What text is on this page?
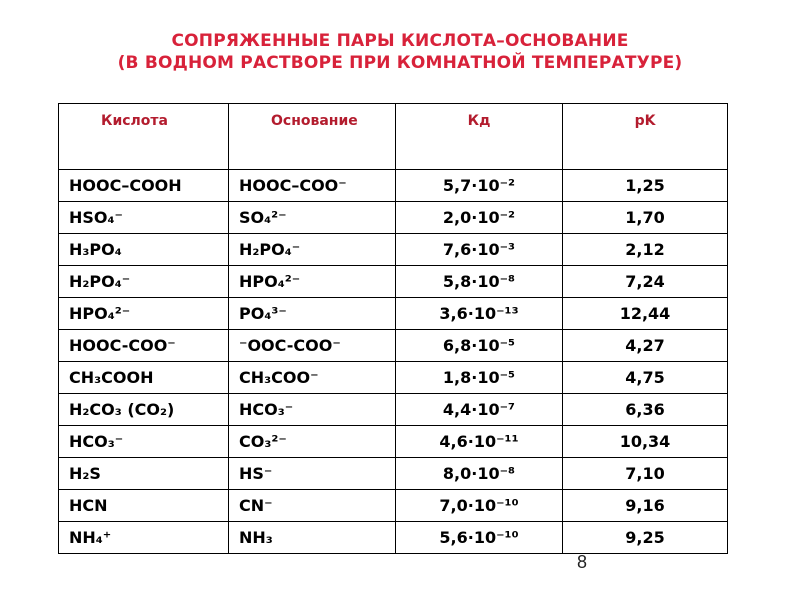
СОПРЯЖЕННЫЕ ПАРЫ КИСЛОТА–ОСНОВАНИЕ
(В ВОДНОМ РАСТВОРЕ ПРИ КОМНАТНОЙ ТЕМПЕРАТУРЕ)
Кислота	Основание	Кд	pK
HOOC–COOH	HOOC–COO⁻	5,7·10⁻²	1,25
HSO₄⁻	SO₄²⁻	2,0·10⁻²	1,70
H₃PO₄	H₂PO₄⁻	7,6·10⁻³	2,12
H₂PO₄⁻	HPO₄²⁻	5,8·10⁻⁸	7,24
HPO₄²⁻	PO₄³⁻	3,6·10⁻¹³	12,44
HOOC-COO⁻	⁻OOC-COO⁻	6,8·10⁻⁵	4,27
CH₃COOH	CH₃COO⁻	1,8·10⁻⁵	4,75
H₂CO₃ (CO₂)	HCO₃⁻	4,4·10⁻⁷	6,36
HCO₃⁻	CO₃²⁻	4,6·10⁻¹¹	10,34
H₂S	HS⁻	8,0·10⁻⁸	7,10
HCN	CN⁻	7,0·10⁻¹⁰	9,16
NH₄⁺	NH₃	5,6·10⁻¹⁰	9,25
8
